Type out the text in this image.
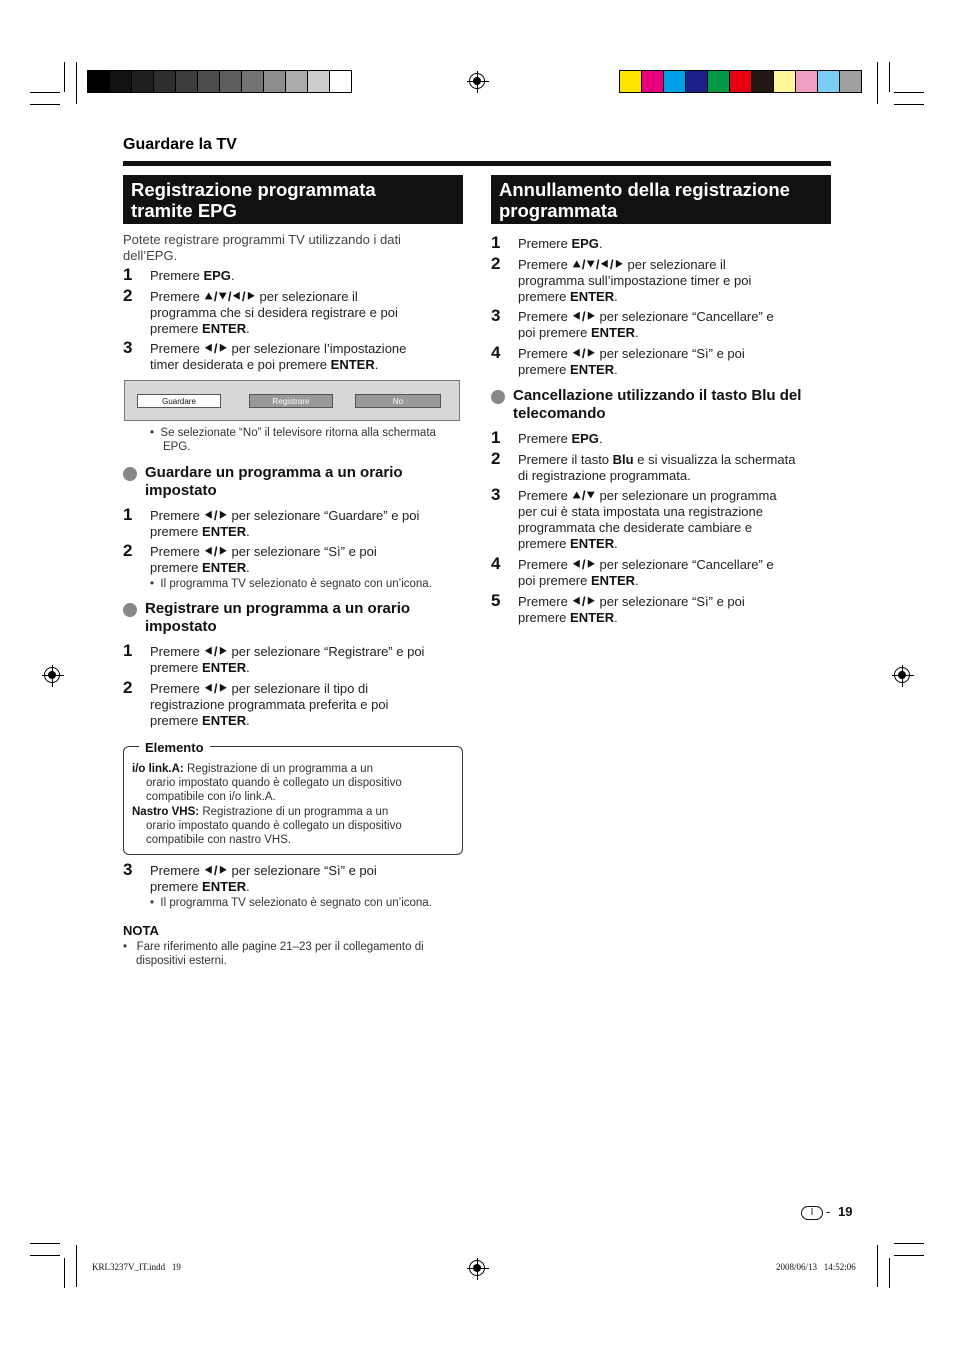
Guardare la TV
Registrazione programmata
tramite EPG
Potete registrare programmi TV utilizzando i dati
dell’EPG.
1 Premere EPG.
2 Premere ⯅/⯆/⯇/⯈ per selezionare il
programma che si desidera registrare e poi
premere ENTER.
3 Premere ⯇/⯈ per selezionare l’impostazione
timer desiderata e poi premere ENTER.
Guardare	Registrare	No
•  Se selezionate “No” il televisore ritorna alla schermata
EPG.
Guardare un programma a un orario
impostato
1 Premere ⯇/⯈ per selezionare “Guardare” e poi
premere ENTER.
2 Premere ⯇/⯈ per selezionare “Sì” e poi
premere ENTER.
•  Il programma TV selezionato è segnato con un’icona.
Registrare un programma a un orario
impostato
1 Premere ⯇/⯈ per selezionare “Registrare” e poi
premere ENTER.
2 Premere ⯇/⯈ per selezionare il tipo di
registrazione programmata preferita e poi
premere ENTER.
Elemento
i/o link.A: Registrazione di un programma a un
orario impostato quando è collegato un dispositivo
compatibile con i/o link.A.
Nastro VHS: Registrazione di un programma a un
orario impostato quando è collegato un dispositivo
compatibile con nastro VHS.
3 Premere ⯇/⯈ per selezionare “Sì” e poi
premere ENTER.
•  Il programma TV selezionato è segnato con un’icona.
NOTA
•   Fare riferimento alle pagine 21–23 per il collegamento di
dispositivi esterni.
Annullamento della registrazione
programmata
1 Premere EPG.
2 Premere ⯅/⯆/⯇/⯈ per selezionare il
programma sull’impostazione timer e poi
premere ENTER.
3 Premere ⯇/⯈ per selezionare “Cancellare” e
poi premere ENTER.
4 Premere ⯇/⯈ per selezionare “Sì” e poi
premere ENTER.
Cancellazione utilizzando il tasto Blu del
telecomando
1 Premere EPG.
2 Premere il tasto Blu e si visualizza la schermata
di registrazione programmata.
3 Premere ⯅/⯆ per selezionare un programma
per cui è stata impostata una registrazione
programmata che desiderate cambiare e
premere ENTER.
4 Premere ⯇/⯈ per selezionare “Cancellare” e
poi premere ENTER.
5 Premere ⯇/⯈ per selezionare “Sì” e poi
premere ENTER.
I - 19
KRL3237V_IT.indd   19	2008/06/13   14:52:06
